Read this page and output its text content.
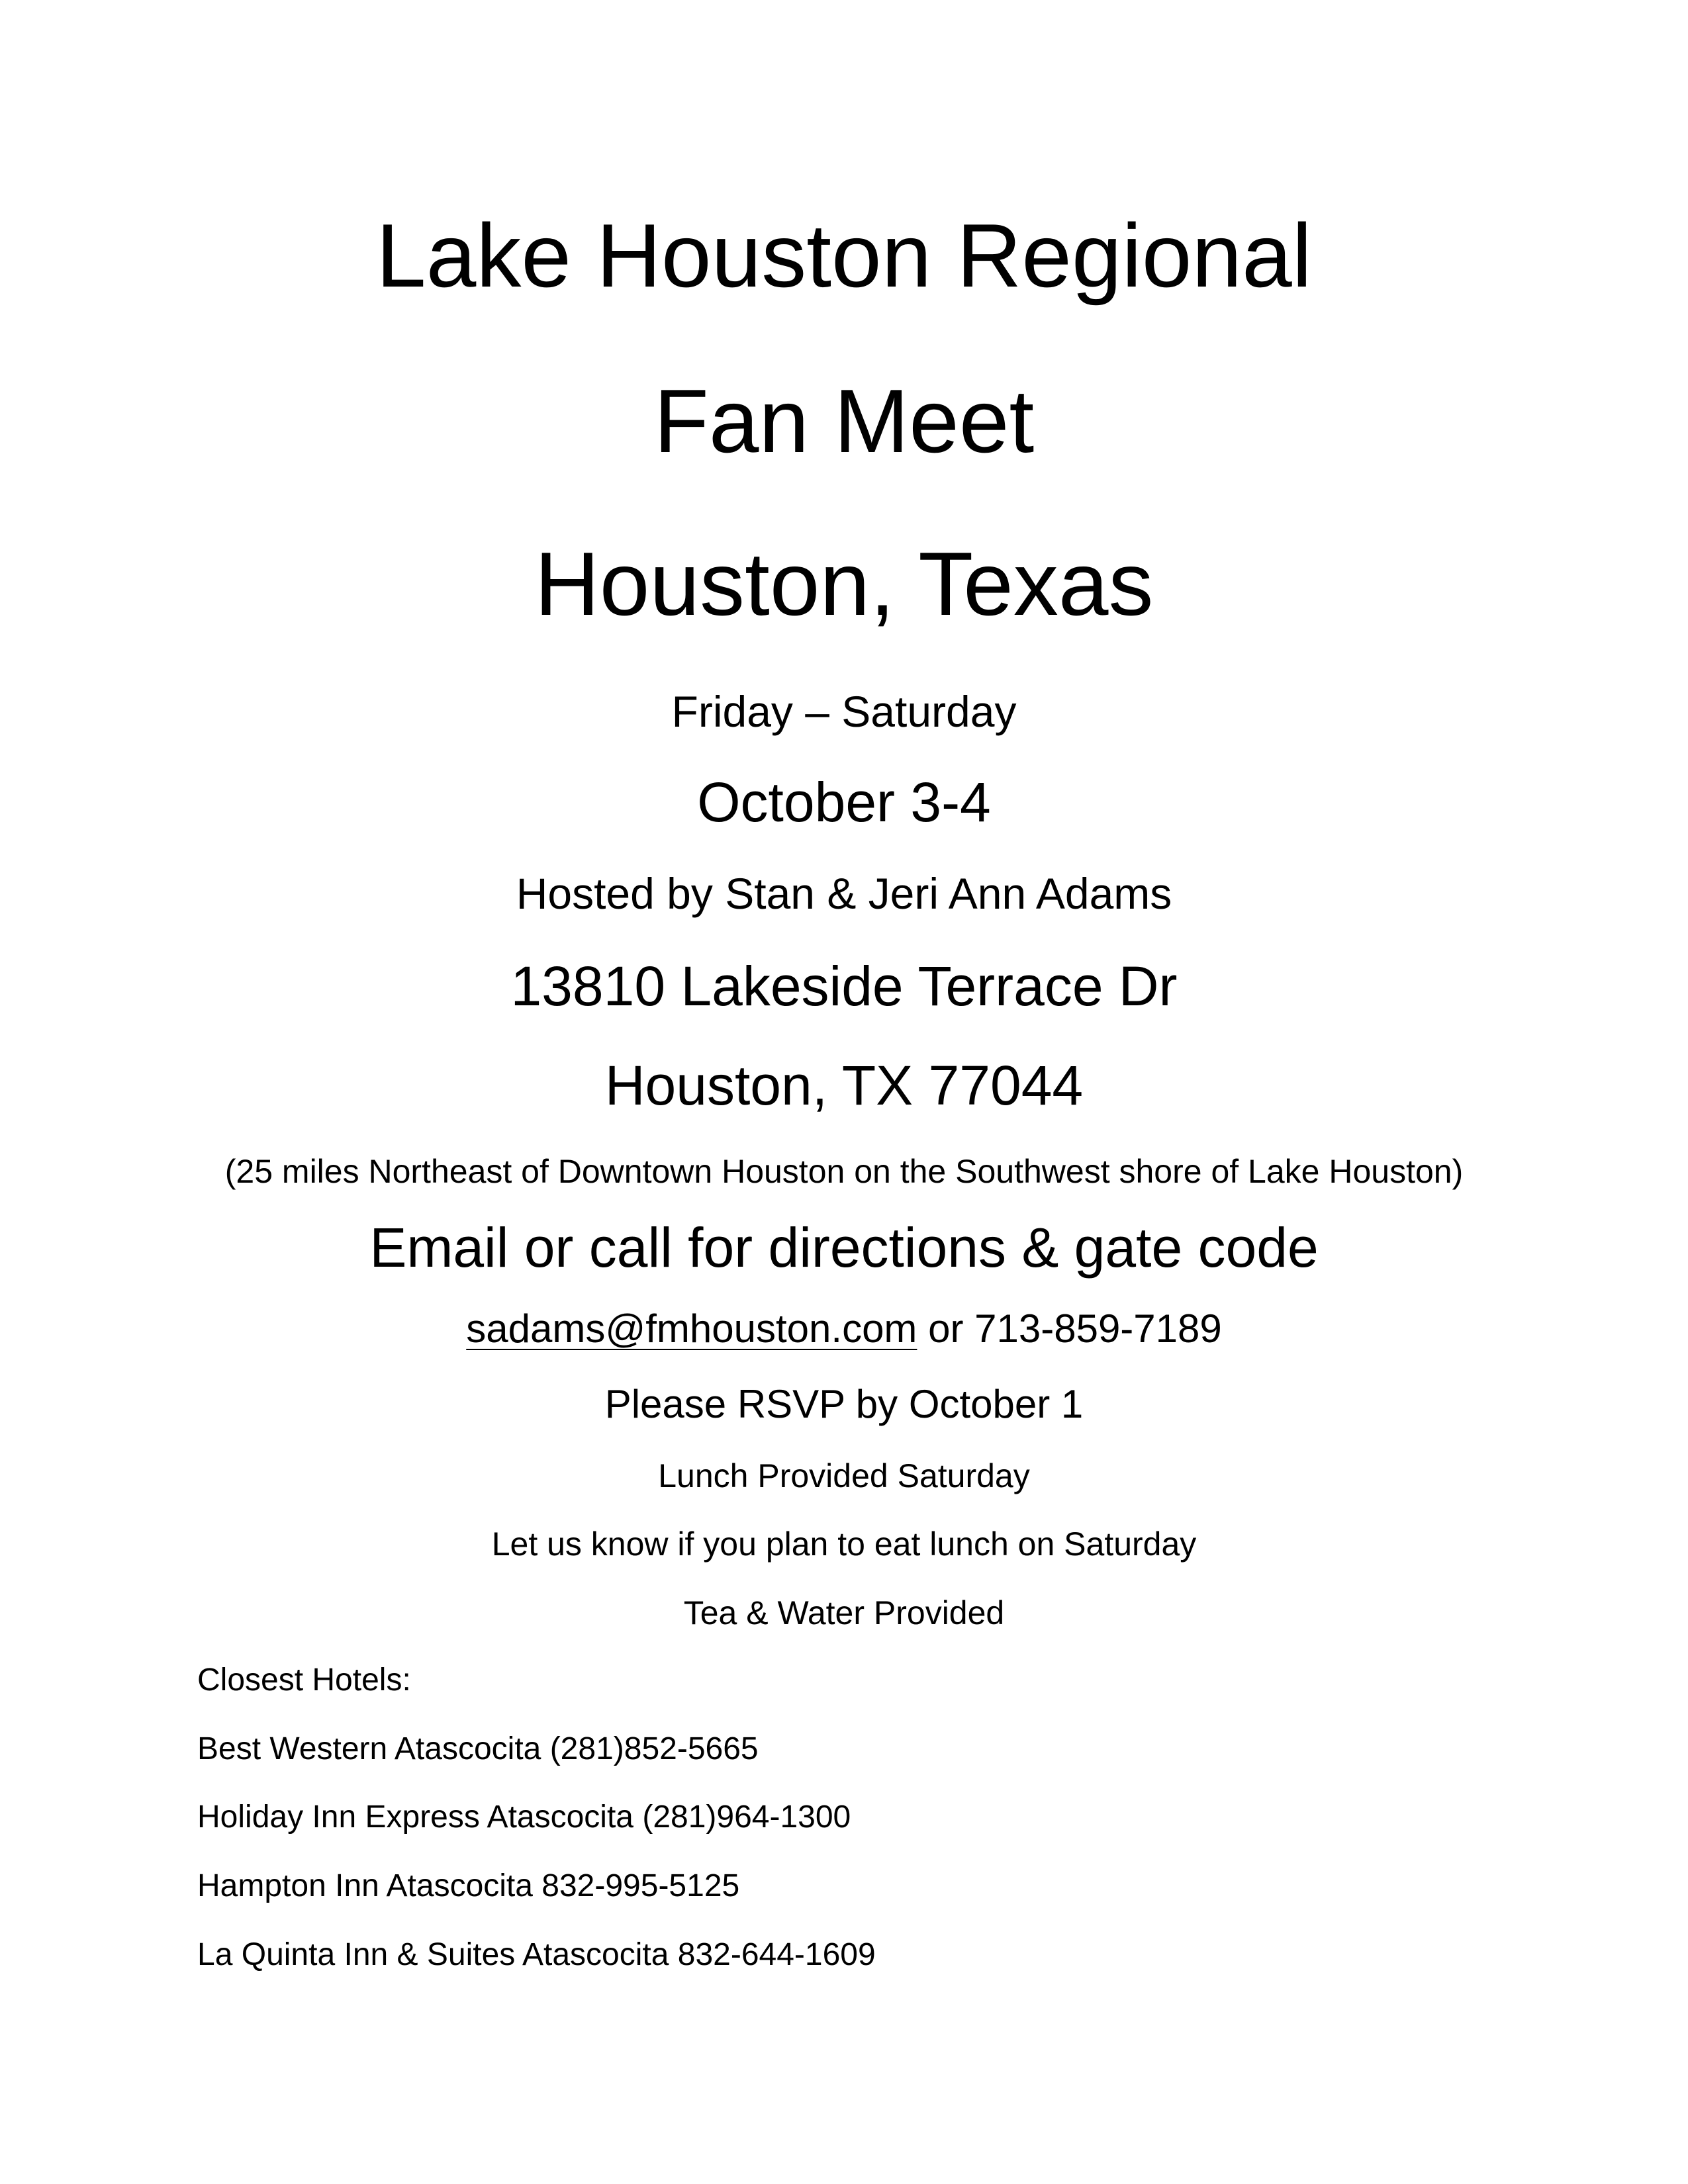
Lake Houston Regional
Fan Meet
Houston, Texas
Friday – Saturday
October 3-4
Hosted by Stan & Jeri Ann Adams
13810 Lakeside Terrace Dr
Houston, TX 77044
(25 miles Northeast of Downtown Houston on the Southwest shore of Lake Houston)
Email or call for directions & gate code
sadams@fmhouston.com or 713-859-7189
Please RSVP by October 1
Lunch Provided Saturday
Let us know if you plan to eat lunch on Saturday
Tea & Water Provided
Closest Hotels:
Best Western Atascocita (281)852-5665
Holiday Inn Express Atascocita (281)964-1300
Hampton Inn Atascocita 832-995-5125
La Quinta Inn & Suites Atascocita 832-644-1609
